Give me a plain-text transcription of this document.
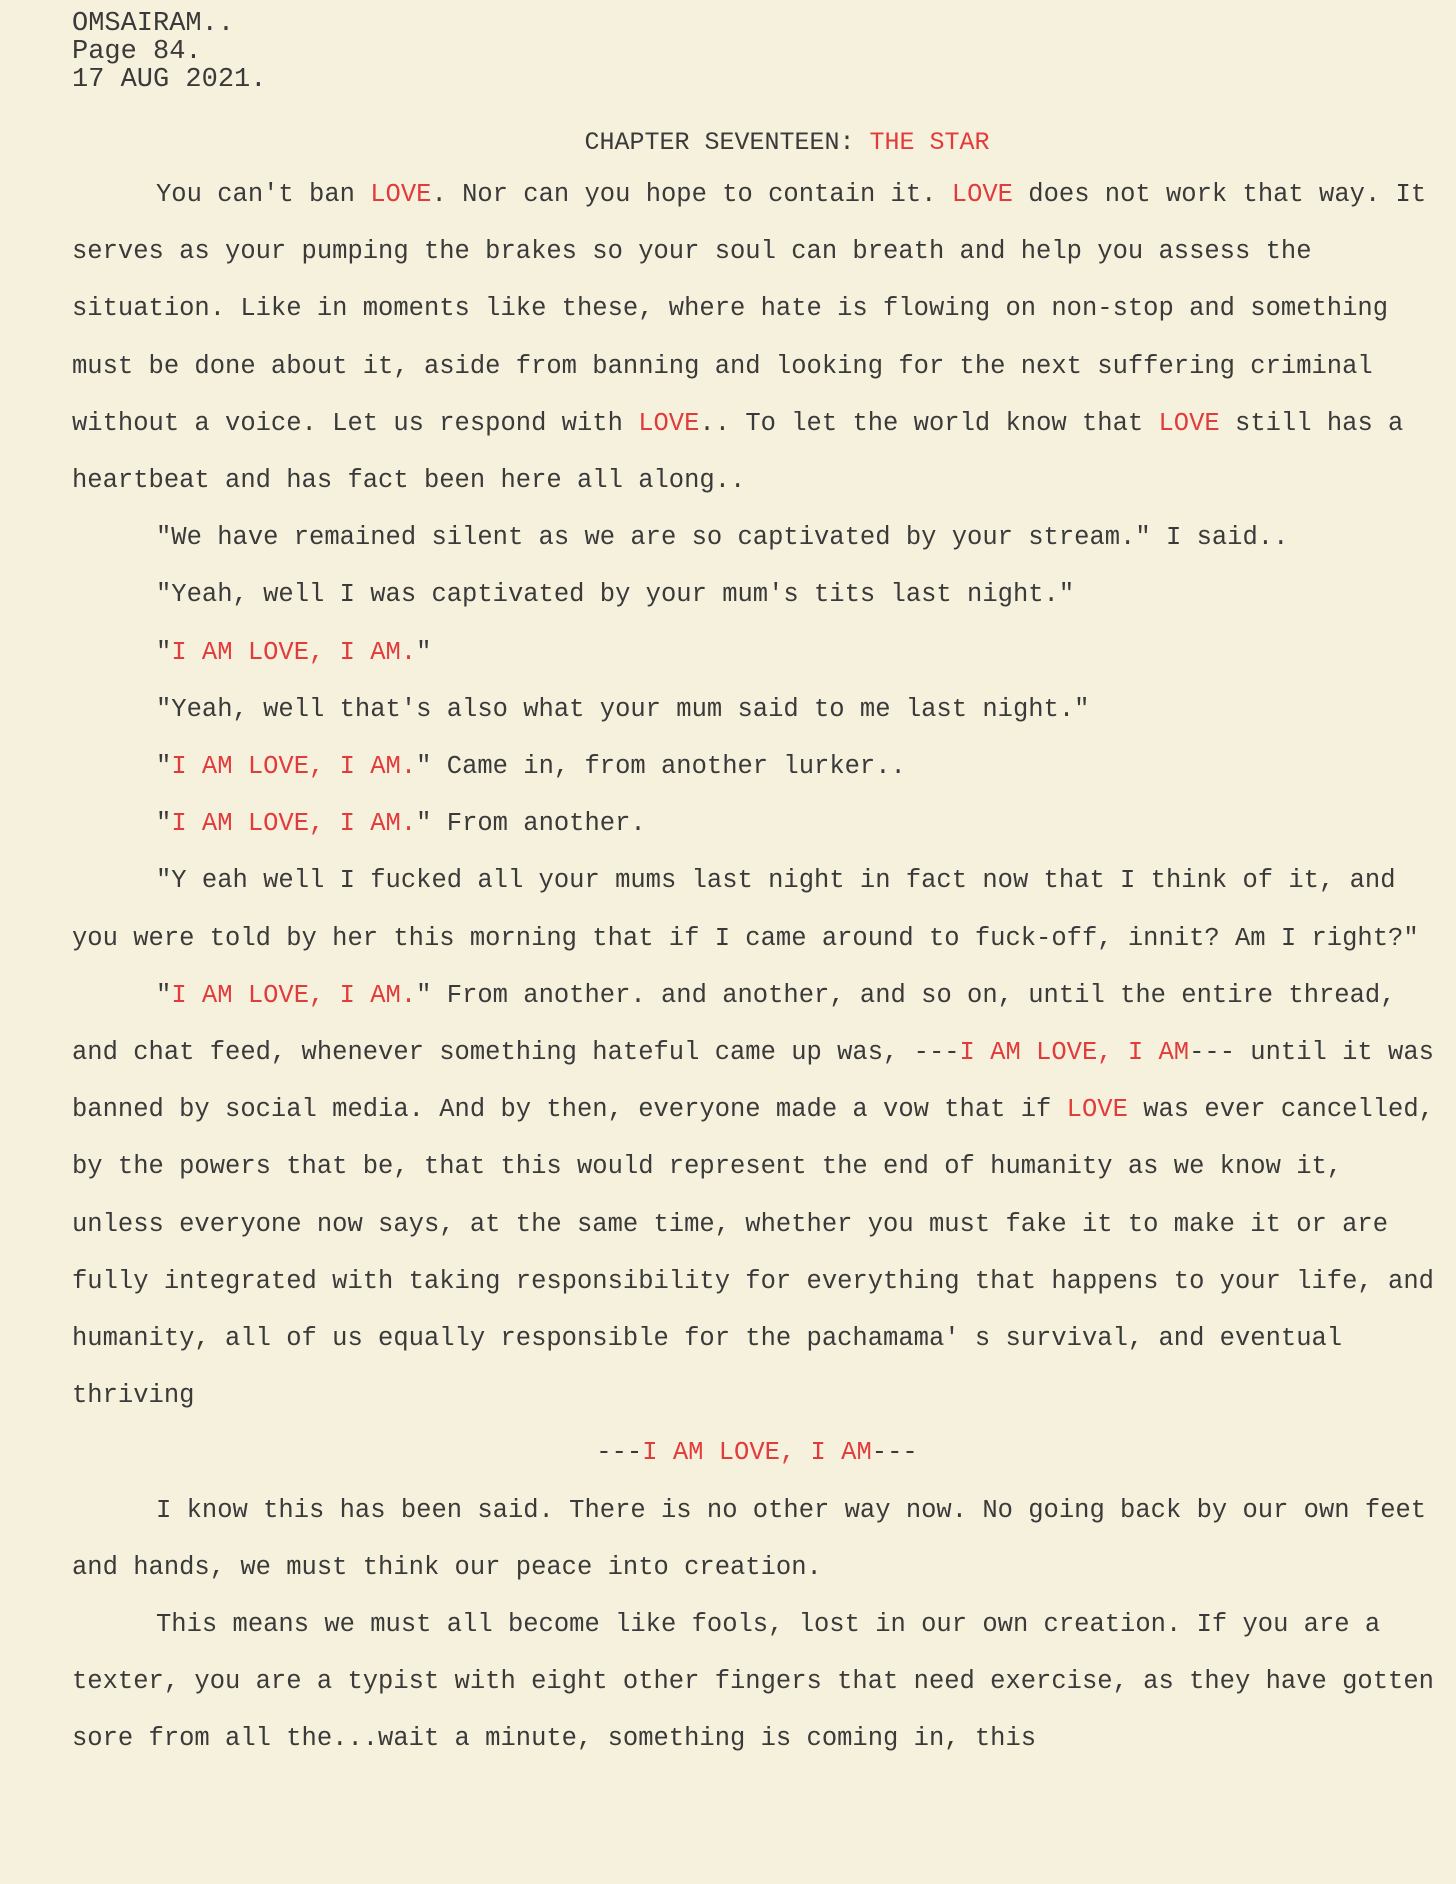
OMSAIRAM..
Page 84.
17 AUG 2021.
CHAPTER SEVENTEEN: THE STAR

You can't ban LOVE. Nor can you hope to contain it. LOVE does not work that way. It serves as your pumping the brakes so your soul can breath and help you assess the situation. Like in moments like these, where hate is flowing on non-stop and something must be done about it, aside from banning and looking for the next suffering criminal without a voice. Let us respond with LOVE.. To let the world know that LOVE still has a heartbeat and has fact been here all along..

"We have remained silent as we are so captivated by your stream." I said..

"Yeah, well I was captivated by your mum's tits last night."

"I AM LOVE, I AM."

"Yeah, well that's also what your mum said to me last night."

"I AM LOVE, I AM." Came in, from another lurker..

"I AM LOVE, I AM." From another.

"Y eah well I fucked all your mums last night in fact now that I think of it, and you were told by her this morning that if I came around to fuck-off, innit? Am I right?"

"I AM LOVE, I AM." From another. and another, and so on, until the entire thread, and chat feed, whenever something hateful came up was, ---I AM LOVE, I AM--- until it was banned by social media. And by then, everyone made a vow that if LOVE was ever cancelled, by the powers that be, that this would represent the end of humanity as we know it, unless everyone now says, at the same time, whether you must fake it to make it or are fully integrated with taking responsibility for everything that happens to your life, and humanity, all of us equally responsible for the pachamama' s survival, and eventual thriving

---I AM LOVE, I AM---

I know this has been said. There is no other way now. No going back by our own feet and hands, we must think our peace into creation.

This means we must all become like fools, lost in our own creation. If you are a texter, you are a typist with eight other fingers that need exercise, as they have gotten sore from all the...wait a minute, something is coming in, this
